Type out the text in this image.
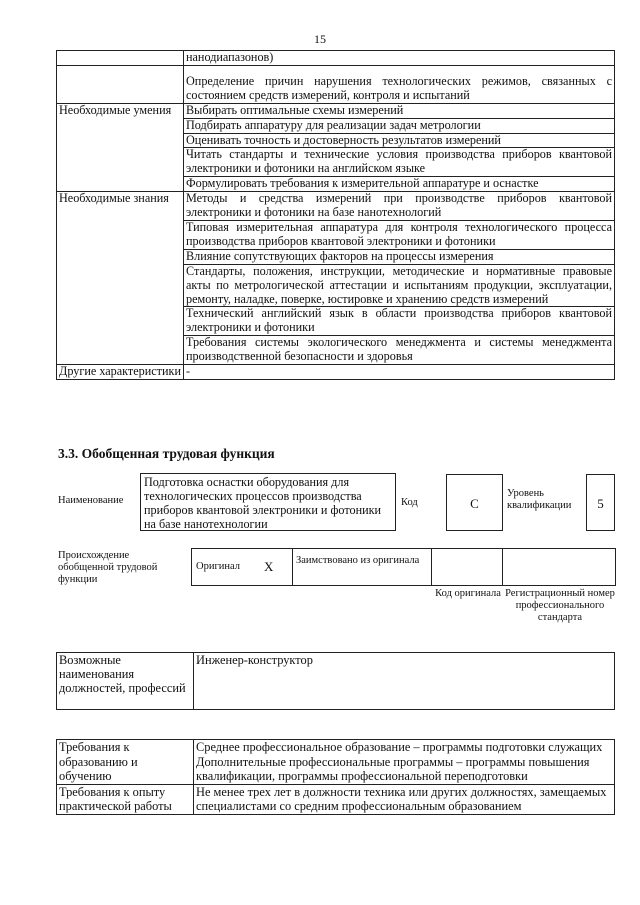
15
	нанодиапазонов)
	Определение причин нарушения технологических режимов, связанных с состоянием средств измерений, контроля и испытаний
Необходимые умения	Выбирать оптимальные схемы измерений
	Подбирать аппаратуру для реализации задач метрологии
	Оценивать точность и достоверность результатов измерений
	Читать стандарты и технические условия производства приборов квантовой электроники и фотоники на английском языке
	Формулировать требования к измерительной аппаратуре и оснастке
Необходимые знания	Методы и средства измерений при производстве приборов квантовой электроники и фотоники на базе нанотехнологий
	Типовая измерительная аппаратура для контроля технологического процесса производства приборов квантовой электроники и фотоники
	Влияние сопутствующих факторов на процессы измерения
	Стандарты, положения, инструкции, методические и нормативные правовые акты по метрологической аттестации и испытаниям продукции, эксплуатации, ремонту, наладке, поверке, юстировке и хранению средств измерений
	Технический английский язык в области производства приборов квантовой электроники и фотоники
	Требования системы экологического менеджмента и системы менеджмента производственной безопасности и здоровья
Другие характеристики	-
3.3. Обобщенная трудовая функция
Наименование
Подготовка оснастки оборудования для технологических процессов производства приборов квантовой электроники и фотоники на базе нанотехнологии
Код	C
Уровень квалификации	5
Происхождение обобщенной трудовой функции
Оригинал X Заимствовано из оригинала
Код оригинала Регистрационный номер профессионального стандарта
Возможные наименования должностей, профессий	Инженер-конструктор
Требования к образованию и обучению	Среднее профессиональное образование – программы подготовки служащих
Дополнительные профессиональные программы – программы повышения квалификации, программы профессиональной переподготовки

Требования к опыту практической работы	Не менее трех лет в должности техника или других должностях, замещаемых специалистами со средним профессиональным образованием
